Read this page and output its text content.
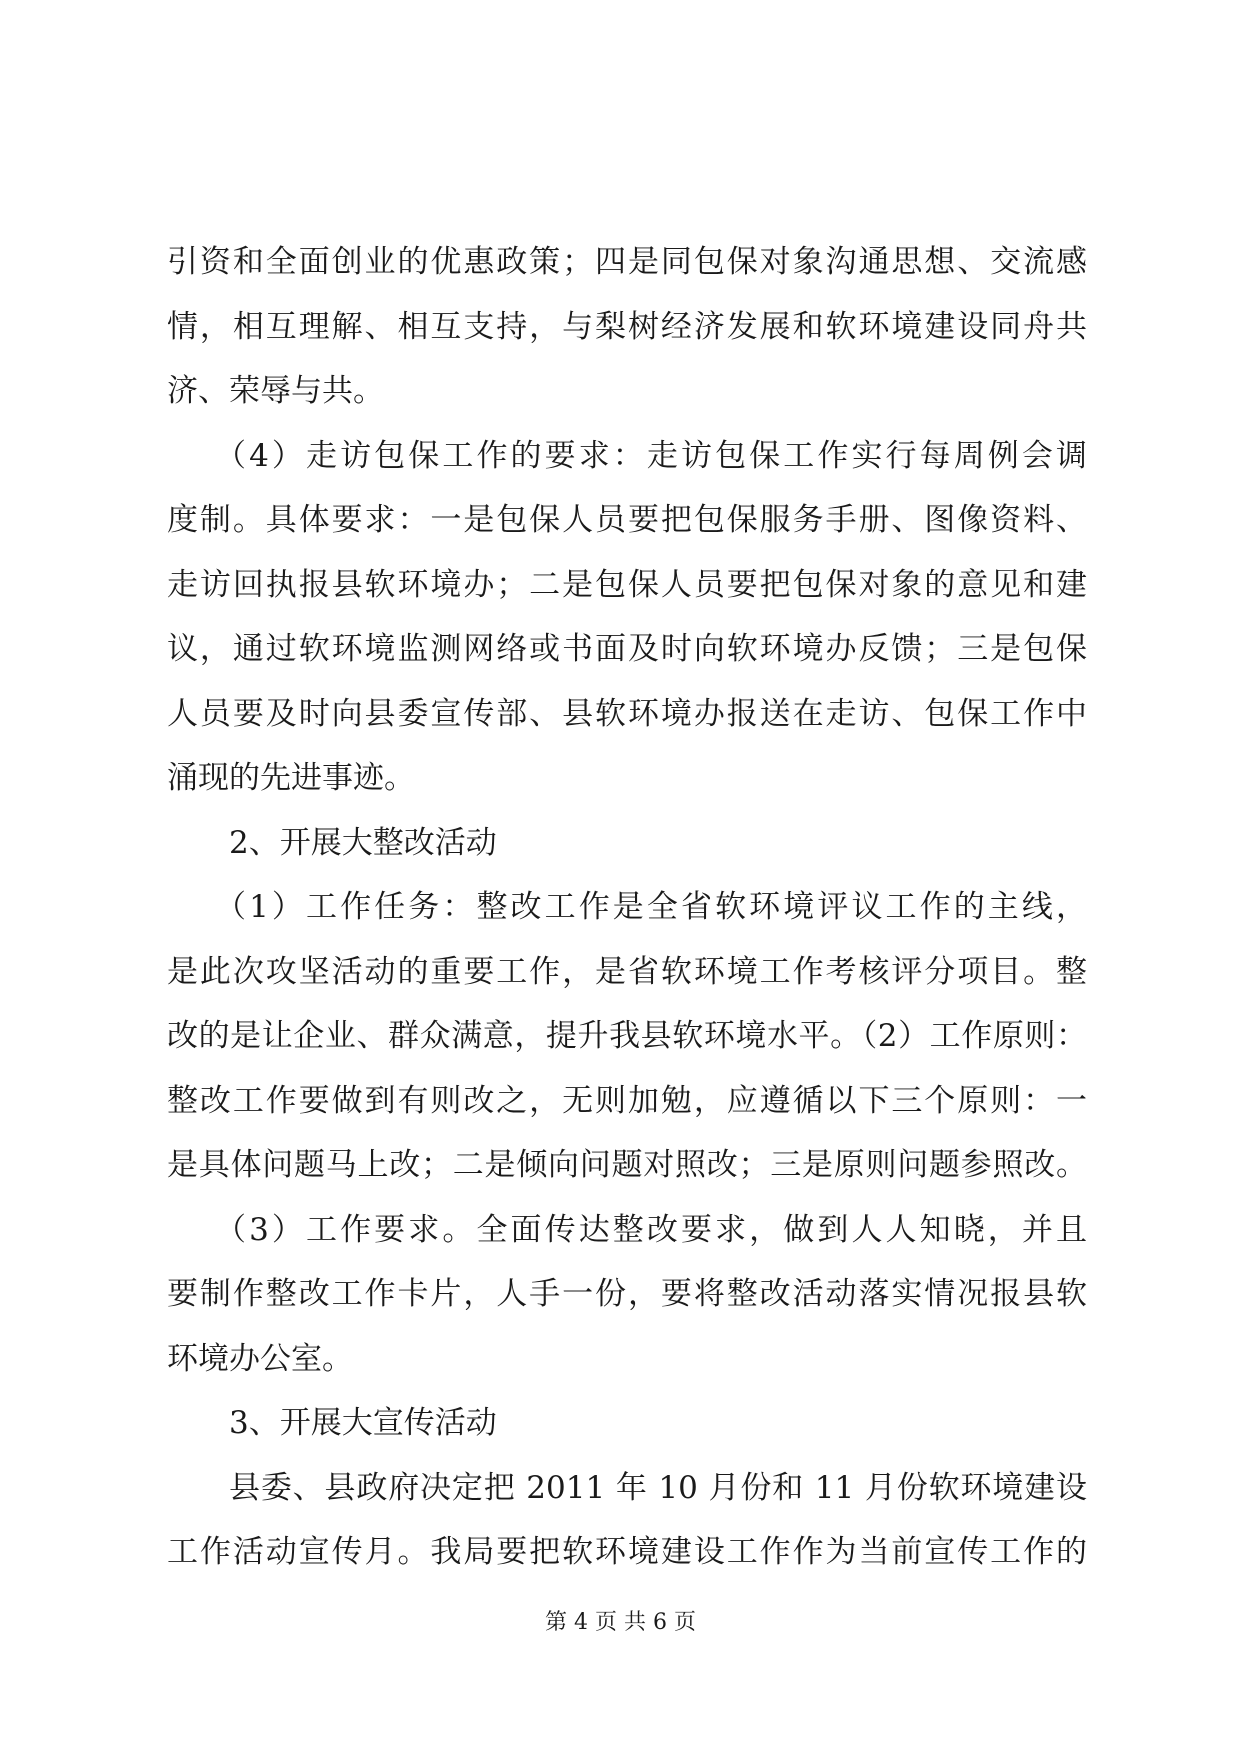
引资和全面创业的优惠政策；四是同包保对象沟通思想、交流感
情，相互理解、相互支持，与梨树经济发展和软环境建设同舟共
济、荣辱与共。
（4）走访包保工作的要求：走访包保工作实行每周例会调
度制。具体要求：一是包保人员要把包保服务手册、图像资料、
走访回执报县软环境办；二是包保人员要把包保对象的意见和建
议，通过软环境监测网络或书面及时向软环境办反馈；三是包保
人员要及时向县委宣传部、县软环境办报送在走访、包保工作中
涌现的先进事迹。
2、开展大整改活动
（1）工作任务：整改工作是全省软环境评议工作的主线，
是此次攻坚活动的重要工作，是省软环境工作考核评分项目。整
改的是让企业、群众满意，提升我县软环境水平。（2）工作原则：
整改工作要做到有则改之，无则加勉，应遵循以下三个原则：一
是具体问题马上改；二是倾向问题对照改；三是原则问题参照改。
（3）工作要求。全面传达整改要求，做到人人知晓，并且
要制作整改工作卡片，人手一份，要将整改活动落实情况报县软
环境办公室。
3、开展大宣传活动
县委、县政府决定把 2011 年 10 月份和 11 月份软环境建设
工作活动宣传月。我局要把软环境建设工作作为当前宣传工作的
第 4 页 共 6 页
